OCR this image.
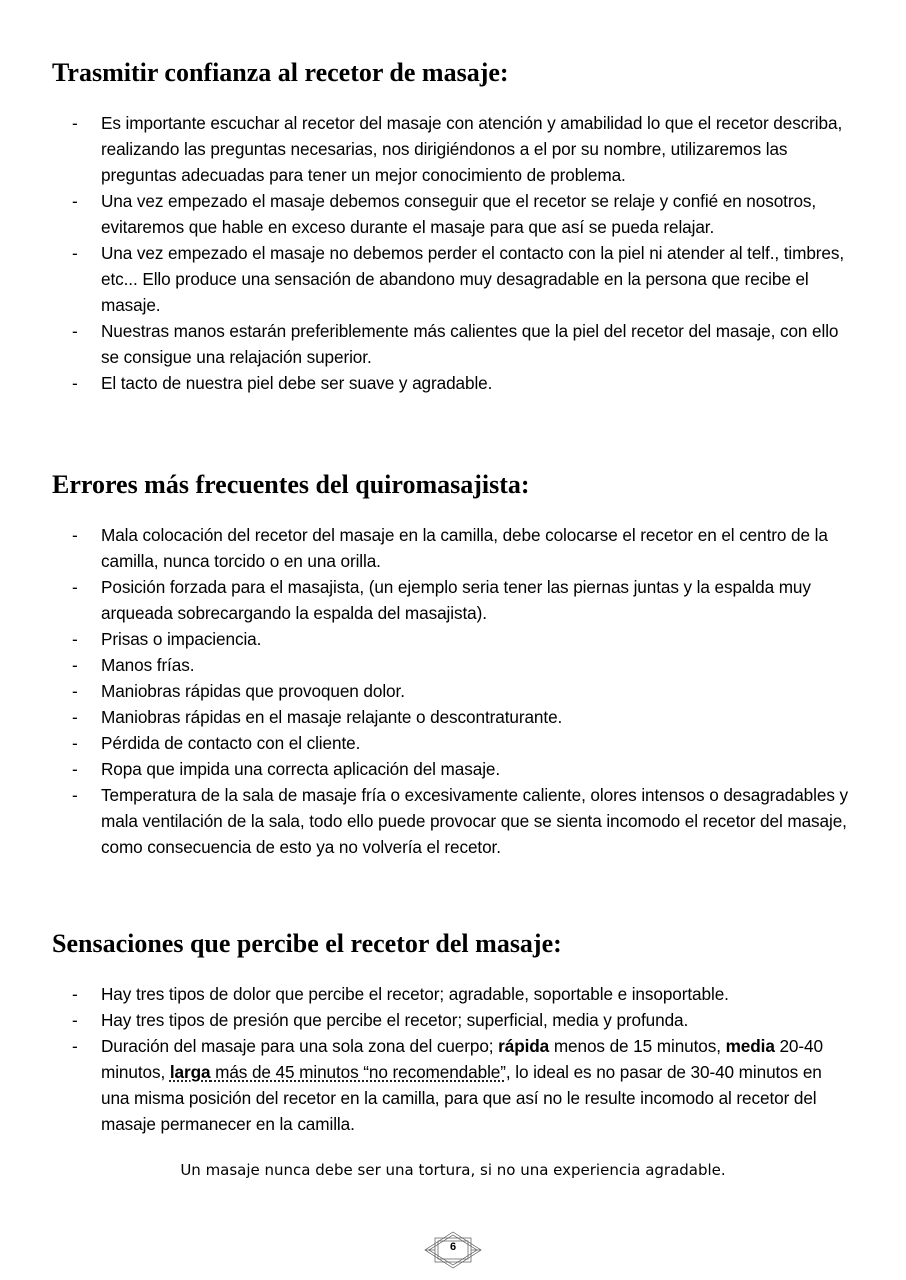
Trasmitir confianza al recetor de masaje:
- Es importante escuchar al recetor del masaje con atención y amabilidad lo que el recetor describa, realizando las preguntas necesarias, nos dirigiéndonos a el por su nombre, utilizaremos las preguntas adecuadas para tener un mejor conocimiento de problema.
- Una vez empezado el masaje debemos conseguir que el recetor se relaje y confié en nosotros, evitaremos que hable en exceso durante el masaje para que así se pueda relajar.
- Una vez empezado el masaje no debemos perder el contacto con la piel ni atender al telf., timbres, etc... Ello produce una sensación de abandono muy desagradable en la persona que recibe el masaje.
- Nuestras manos estarán preferiblemente más calientes que la piel del recetor del masaje, con ello se consigue una relajación superior.
- El tacto de nuestra piel debe ser suave y agradable.
Errores más frecuentes del quiromasajista:
- Mala colocación del recetor del masaje en la camilla, debe colocarse el recetor en el centro de la camilla, nunca torcido o en una orilla.
- Posición forzada para el masajista, (un ejemplo seria tener las piernas juntas y la espalda muy arqueada sobrecargando la espalda del masajista).
- Prisas o impaciencia.
- Manos frías.
- Maniobras rápidas que provoquen dolor.
- Maniobras rápidas en el masaje relajante o descontraturante.
- Pérdida de contacto con el cliente.
- Ropa que impida una correcta aplicación del masaje.
- Temperatura de la sala de masaje fría o excesivamente caliente, olores intensos o desagradables y mala ventilación de la sala, todo ello puede provocar que se sienta incomodo el recetor del masaje, como consecuencia de esto ya no volvería el recetor.
Sensaciones que percibe el recetor del masaje:
- Hay tres tipos de dolor que percibe el recetor; agradable, soportable e insoportable.
- Hay tres tipos de presión que percibe el recetor; superficial, media y profunda.
- Duración del masaje para una sola zona del cuerpo; rápida menos de 15 minutos, media 20-40 minutos, larga más de 45 minutos “no recomendable”, lo ideal es no pasar de 30-40 minutos en una misma posición del recetor en la camilla, para que así no le resulte incomodo al recetor del masaje permanecer en la camilla.
Un masaje nunca debe ser una tortura, si no una experiencia agradable.
6
